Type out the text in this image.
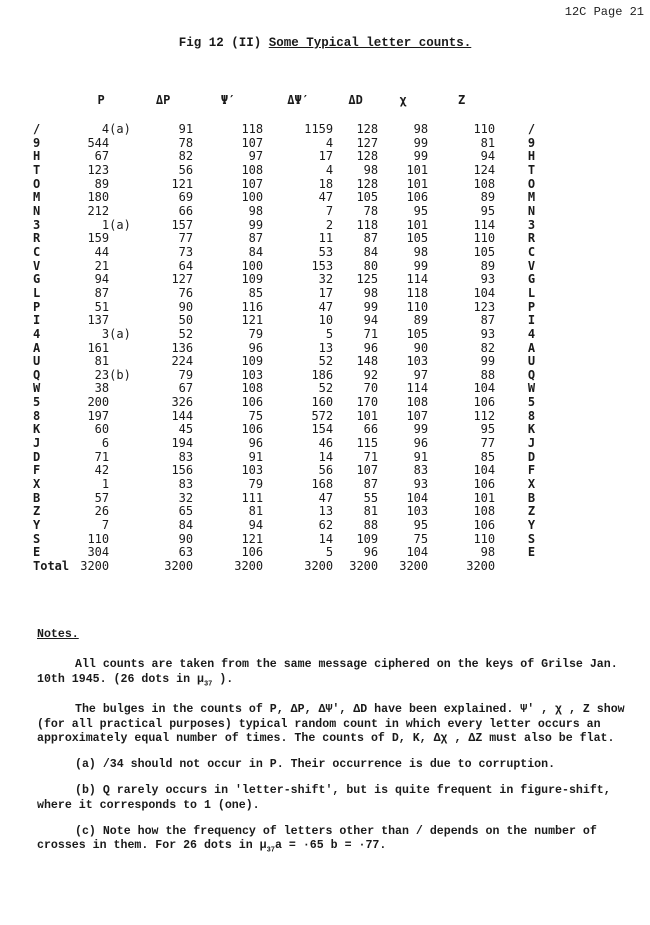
12C Page 21
Fig 12 (II) Some Typical letter counts.
	P		ΔP	Ψ′	ΔΨ′	ΔD	χ	Z	
/	4	(a)	91	118	1159	128	98	110	/
9	544		78	107	4	127	99	81	9
H	67		82	97	17	128	99	94	H
T	123		56	108	4	98	101	124	T
O	89		121	107	18	128	101	108	O
M	180		69	100	47	105	106	89	M
N	212		66	98	7	78	95	95	N
3	1	(a)	157	99	2	118	101	114	3
R	159		77	87	11	87	105	110	R
C	44		73	84	53	84	98	105	C
V	21		64	100	153	80	99	89	V
G	94		127	109	32	125	114	93	G
L	87		76	85	17	98	118	104	L
P	51		90	116	47	99	110	123	P
I	137		50	121	10	94	89	87	I
4	3	(a)	52	79	5	71	105	93	4
A	161		136	96	13	96	90	82	A
U	81		224	109	52	148	103	99	U
Q	23	(b)	79	103	186	92	97	88	Q
W	38		67	108	52	70	114	104	W
5	200		326	106	160	170	108	106	5
8	197		144	75	572	101	107	112	8
K	60		45	106	154	66	99	95	K
J	6		194	96	46	115	96	77	J
D	71		83	91	14	71	91	85	D
F	42		156	103	56	107	83	104	F
X	1		83	79	168	87	93	106	X
B	57		32	111	47	55	104	101	B
Z	26		65	81	13	81	103	108	Z
Y	7		84	94	62	88	95	106	Y
S	110		90	121	14	109	75	110	S
E	304		63	106	5	96	104	98	E
Total	3200		3200	3200	3200	3200	3200	3200	

Notes.

All counts are taken from the same message ciphered on the keys of Grilse Jan. 10th 1945. (26 dots in $\mu_{37}$ ).

The bulges in the counts of P, ΔP, ΔΨ′, ΔD have been explained. Ψ′ , χ , Z show (for all practical purposes) typical random count in which every letter occurs an approximately equal number of times. The counts of D, K, Δχ , ΔZ must also be flat.

(a) /34 should not occur in P. Their occurrence is due to corruption.

(b) Q rarely occurs in 'letter-shift', but is quite frequent in figure-shift, where it corresponds to 1 (one).

(c) Note how the frequency of letters other than / depends on the number of crosses in them. For 26 dots in $\mu_{37}a = \cdot 65$ b = ·77.
